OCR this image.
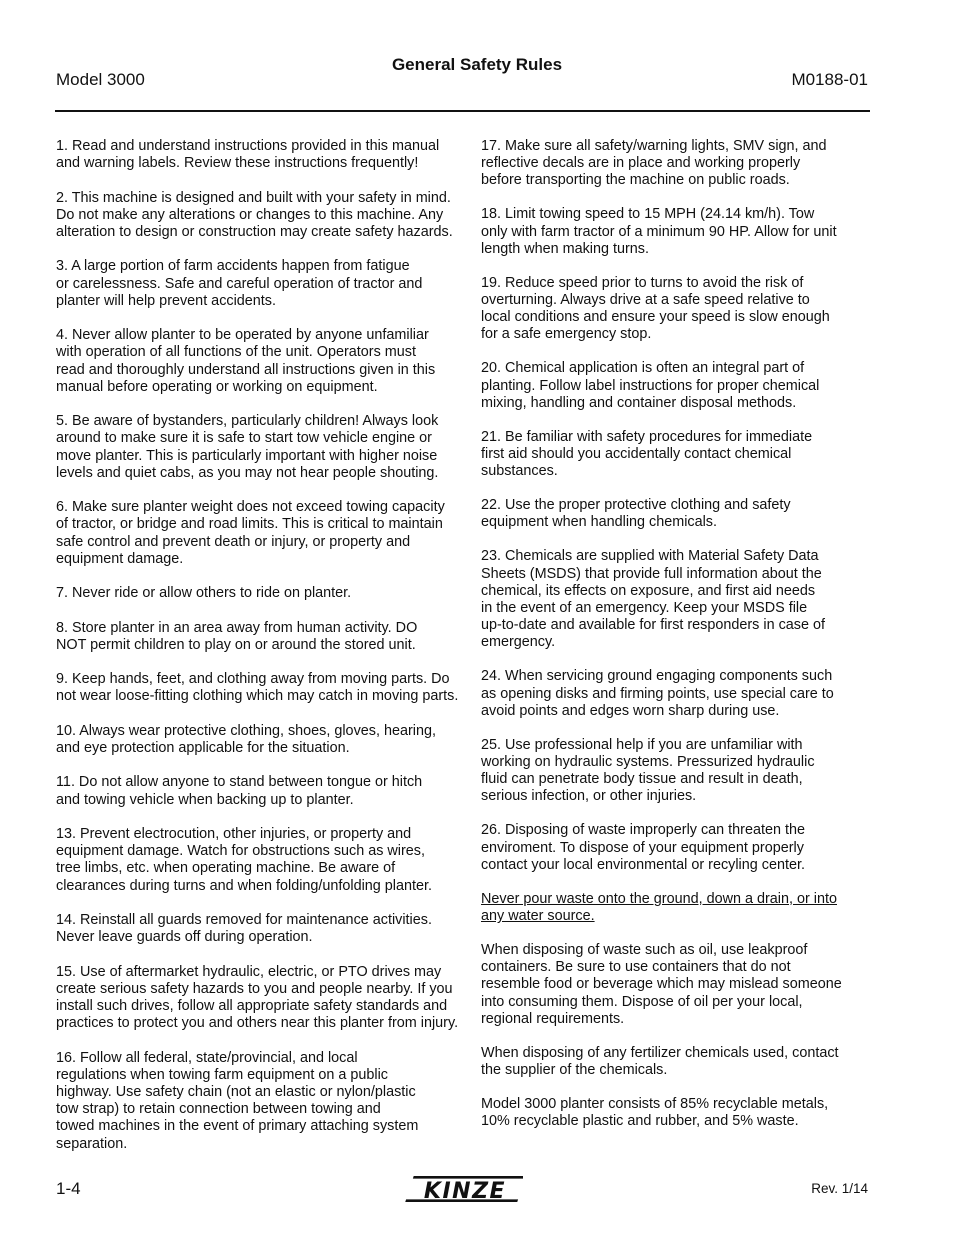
General Safety Rules
Model 3000	M0188-01

1. Read and understand instructions provided in this manual
and warning labels. Review these instructions frequently!

2. This machine is designed and built with your safety in mind.
Do not make any alterations or changes to this machine. Any
alteration to design or construction may create safety hazards.

3. A large portion of farm accidents happen from fatigue
or carelessness. Safe and careful operation of tractor and
planter will help prevent accidents.

4. Never allow planter to be operated by anyone unfamiliar
with operation of all functions of the unit. Operators must
read and thoroughly understand all instructions given in this
manual before operating or working on equipment.

5. Be aware of bystanders, particularly children! Always look
around to make sure it is safe to start tow vehicle engine or
move planter. This is particularly important with higher noise
levels and quiet cabs, as you may not hear people shouting.

6. Make sure planter weight does not exceed towing capacity
of tractor, or bridge and road limits. This is critical to maintain
safe control and prevent death or injury, or property and
equipment damage.

7. Never ride or allow others to ride on planter.

8. Store planter in an area away from human activity. DO
NOT permit children to play on or around the stored unit.

9. Keep hands, feet, and clothing away from moving parts. Do
not wear loose-fitting clothing which may catch in moving parts.

10. Always wear protective clothing, shoes, gloves, hearing,
and eye protection applicable for the situation.

11. Do not allow anyone to stand between tongue or hitch
and towing vehicle when backing up to planter.

13. Prevent electrocution, other injuries, or property and
equipment damage. Watch for obstructions such as wires,
tree limbs, etc. when operating machine. Be aware of
clearances during turns and when folding/unfolding planter.

14. Reinstall all guards removed for maintenance activities.
Never leave guards off during operation.

15. Use of aftermarket hydraulic, electric, or PTO drives may
create serious safety hazards to you and people nearby. If you
install such drives, follow all appropriate safety standards and
practices to protect you and others near this planter from injury.

16. Follow all federal, state/provincial, and local
regulations when towing farm equipment on a public
highway. Use safety chain (not an elastic or nylon/plastic
tow strap) to retain connection between towing and
towed machines in the event of primary attaching system
separation.

17. Make sure all safety/warning lights, SMV sign, and
reflective decals are in place and working properly
before transporting the machine on public roads.

18. Limit towing speed to 15 MPH (24.14 km/h). Tow
only with farm tractor of a minimum 90 HP. Allow for unit
length when making turns.

19. Reduce speed prior to turns to avoid the risk of
overturning. Always drive at a safe speed relative to
local conditions and ensure your speed is slow enough
for a safe emergency stop.

20. Chemical application is often an integral part of
planting. Follow label instructions for proper chemical
mixing, handling and container disposal methods.

21. Be familiar with safety procedures for immediate
first aid should you accidentally contact chemical
substances.

22. Use the proper protective clothing and safety
equipment when handling chemicals.

23. Chemicals are supplied with Material Safety Data
Sheets (MSDS) that provide full information about the
chemical, its effects on exposure, and first aid needs
in the event of an emergency. Keep your MSDS file
up-to-date and available for first responders in case of
emergency.

24. When servicing ground engaging components such
as opening disks and firming points, use special care to
avoid points and edges worn sharp during use.

25. Use professional help if you are unfamiliar with
working on hydraulic systems. Pressurized hydraulic
fluid can penetrate body tissue and result in death,
serious infection, or other injuries.

26. Disposing of waste improperly can threaten the
enviroment. To dispose of your equipment properly
contact your local environmental or recyling center.

Never pour waste onto the ground, down a drain, or into
any water source.

When disposing of waste such as oil, use leakproof
containers. Be sure to use containers that do not
resemble food or beverage which may mislead someone
into consuming them. Dispose of oil per your local,
regional requirements.

When disposing of any fertilizer chemicals used, contact
the supplier of the chemicals.

Model 3000 planter consists of 85% recyclable metals,
10% recyclable plastic and rubber, and 5% waste.

1-4	KINZE	Rev. 1/14
